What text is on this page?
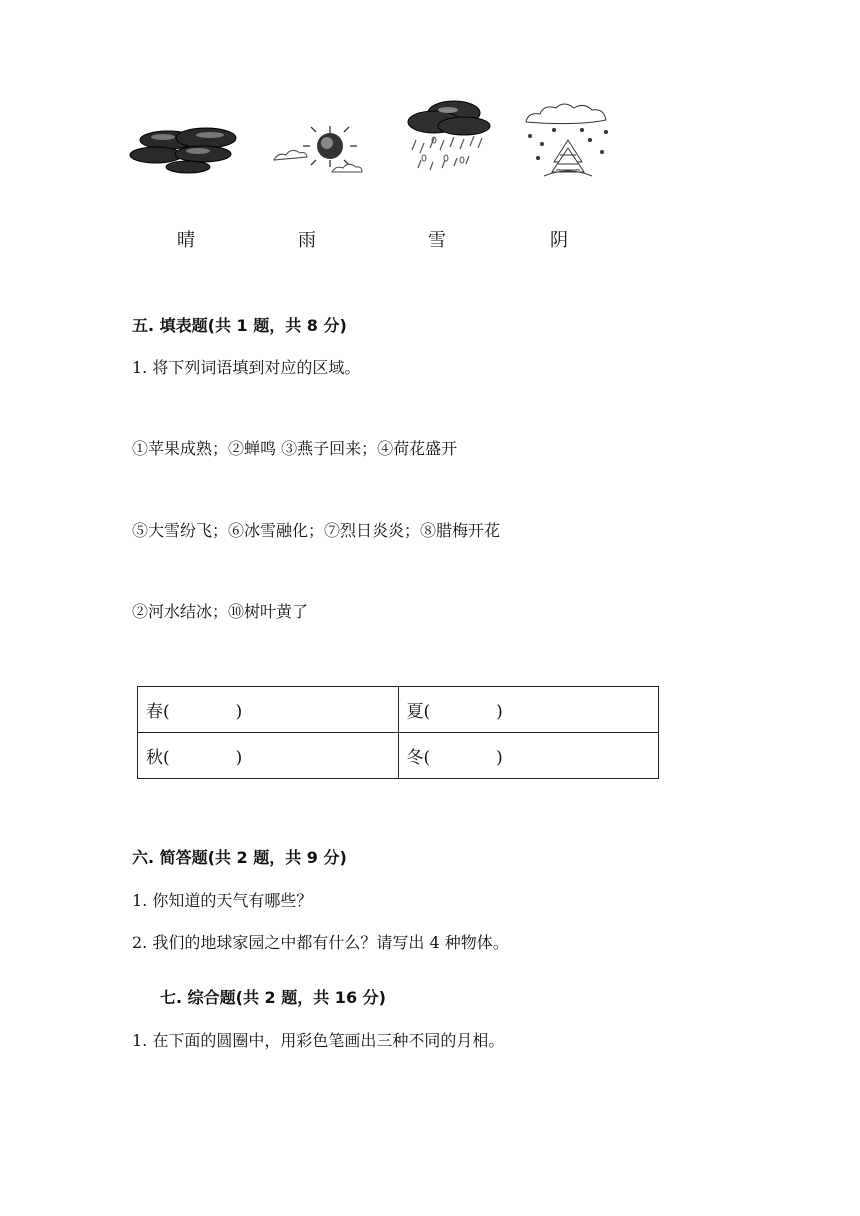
晴	雨	雪	阴
五. 填表题(共 1 题，共 8 分)
1. 将下列词语填到对应的区域。
①苹果成熟；②蝉鸣 ③燕子回来；④荷花盛开
⑤大雪纷飞；⑥冰雪融化；⑦烈日炎炎；⑧腊梅开花
②河水结冰；⑩树叶黄了
春( )	夏( )
秋( )	冬( )
六. 简答题(共 2 题，共 9 分)
1. 你知道的天气有哪些？
2. 我们的地球家园之中都有什么？请写出 4 种物体。
七. 综合题(共 2 题，共 16 分)
1. 在下面的圆圈中，用彩色笔画出三种不同的月相。
